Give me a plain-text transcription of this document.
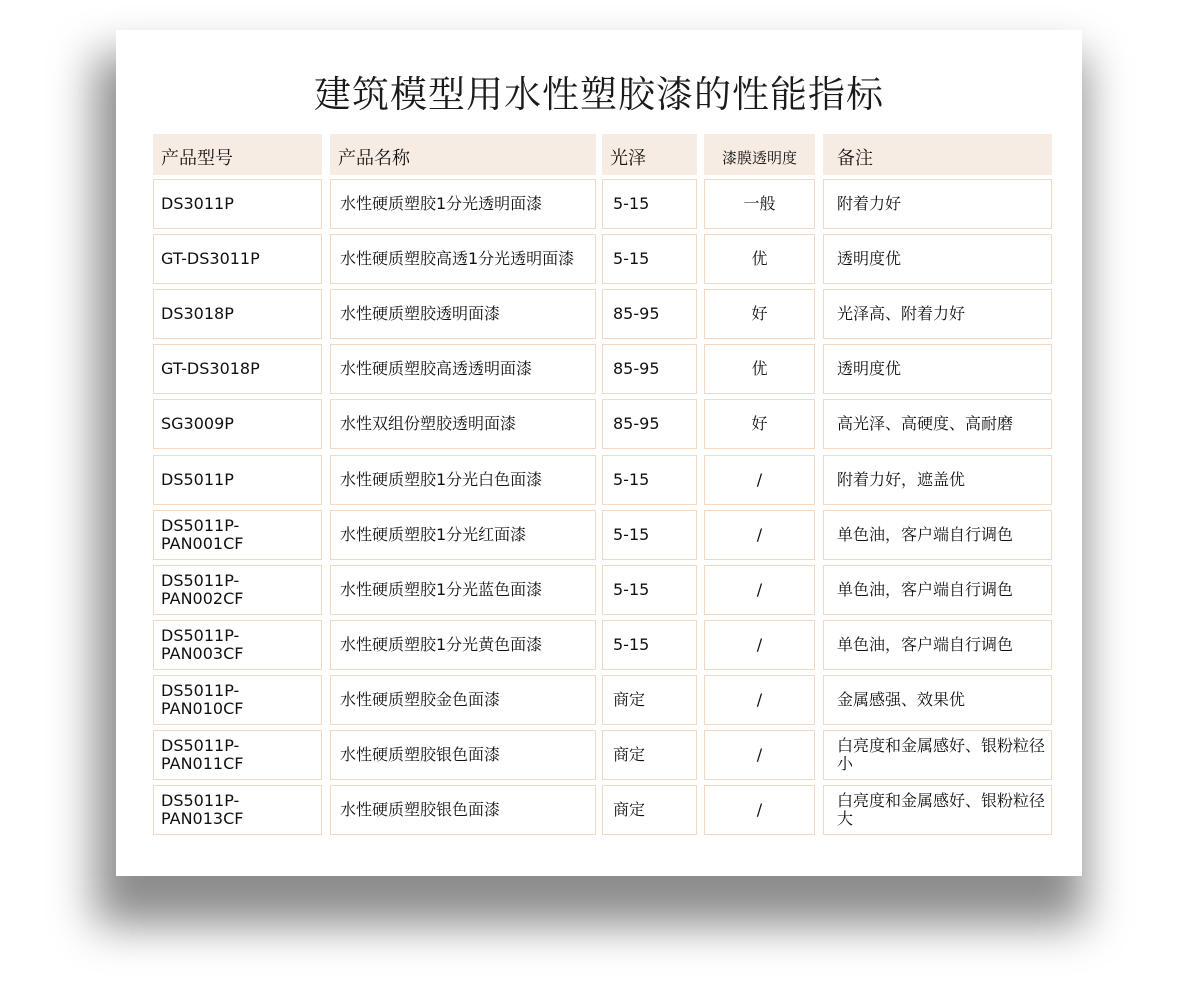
建筑模型用水性塑胶漆的性能指标
产品型号	产品名称	光泽	漆膜透明度	备注
DS3011P	水性硬质塑胶1分光透明面漆	5-15	一般	附着力好
GT-DS3011P	水性硬质塑胶高透1分光透明面漆	5-15	优	透明度优
DS3018P	水性硬质塑胶透明面漆	85-95	好	光泽高、附着力好
GT-DS3018P	水性硬质塑胶高透透明面漆	85-95	优	透明度优
SG3009P	水性双组份塑胶透明面漆	85-95	好	高光泽、高硬度、高耐磨
DS5011P	水性硬质塑胶1分光白色面漆	5-15	/	附着力好，遮盖优
DS5011P-PAN001CF	水性硬质塑胶1分光红面漆	5-15	/	单色油，客户端自行调色
DS5011P-PAN002CF	水性硬质塑胶1分光蓝色面漆	5-15	/	单色油，客户端自行调色
DS5011P-PAN003CF	水性硬质塑胶1分光黄色面漆	5-15	/	单色油，客户端自行调色
DS5011P-PAN010CF	水性硬质塑胶金色面漆	商定	/	金属感强、效果优
DS5011P-PAN011CF	水性硬质塑胶银色面漆	商定	/	白亮度和金属感好、银粉粒径小
DS5011P-PAN013CF	水性硬质塑胶银色面漆	商定	/	白亮度和金属感好、银粉粒径大
